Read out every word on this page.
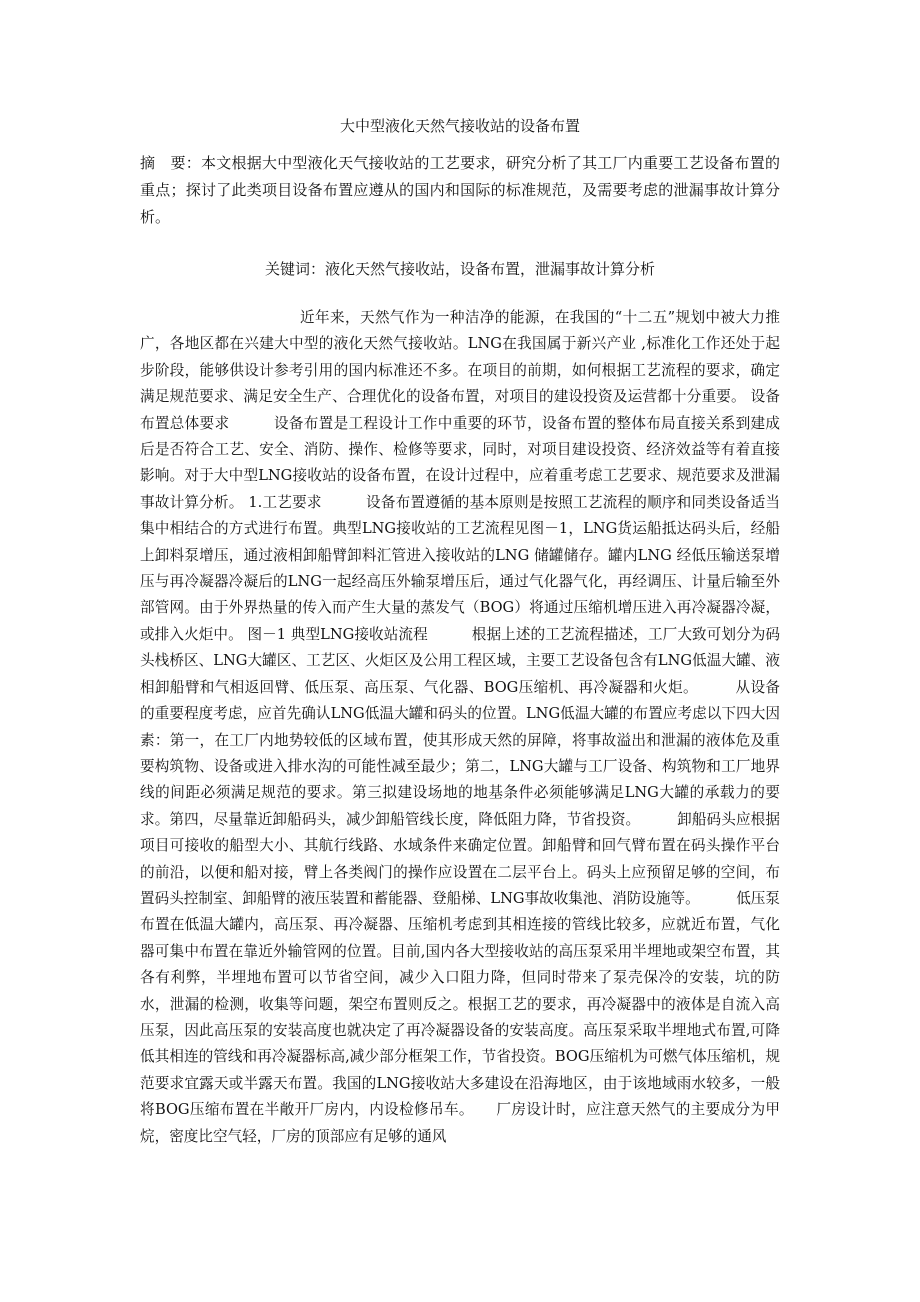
大中型液化天然气接收站的设备布置

摘　要：本文根据大中型液化天气接收站的工艺要求，研究分析了其工厂内重要工艺设备布置的重点；探讨了此类项目设备布置应遵从的国内和国际的标准规范，及需要考虑的泄漏事故计算分析。

关键词：液化天然气接收站，设备布置，泄漏事故计算分析

近年来，天然气作为一种洁净的能源，在我国的“十二五”规划中被大力推广，各地区都在兴建大中型的液化天然气接收站。LNG在我国属于新兴产业 ,标准化工作还处于起步阶段，能够供设计参考引用的国内标准还不多。在项目的前期，如何根据工艺流程的要求，确定满足规范要求、满足安全生产、合理优化的设备布置，对项目的建设投资及运营都十分重要。 设备布置总体要求　　　设备布置是工程设计工作中重要的环节，设备布置的整体布局直接关系到建成后是否符合工艺、安全、消防、操作、检修等要求，同时，对项目建设投资、经济效益等有着直接影响。对于大中型LNG接收站的设备布置，在设计过程中，应着重考虑工艺要求、规范要求及泄漏事故计算分析。 1.工艺要求　　　设备布置遵循的基本原则是按照工艺流程的顺序和同类设备适当集中相结合的方式进行布置。典型LNG接收站的工艺流程见图－1，LNG货运船抵达码头后，经船上卸料泵增压，通过液相卸船臂卸料汇管进入接收站的LNG 储罐储存。罐内LNG 经低压输送泵增压与再冷凝器冷凝后的LNG一起经高压外输泵增压后，通过气化器气化，再经调压、计量后输至外部管网。由于外界热量的传入而产生大量的蒸发气（BOG）将通过压缩机增压进入再冷凝器冷凝，或排入火炬中。 图－1 典型LNG接收站流程　　　根据上述的工艺流程描述，工厂大致可划分为码头栈桥区、LNG大罐区、工艺区、火炬区及公用工程区域，主要工艺设备包含有LNG低温大罐、液相卸船臂和气相返回臂、低压泵、高压泵、气化器、BOG压缩机、再冷凝器和火炬。　　　从设备的重要程度考虑，应首先确认LNG低温大罐和码头的位置。LNG低温大罐的布置应考虑以下四大因素：第一，在工厂内地势较低的区域布置，使其形成天然的屏障，将事故溢出和泄漏的液体危及重要构筑物、设备或进入排水沟的可能性减至最少；第二，LNG大罐与工厂设备、构筑物和工厂地界线的间距必须满足规范的要求。第三拟建设场地的地基条件必须能够满足LNG大罐的承载力的要求。第四，尽量靠近卸船码头，减少卸船管线长度，降低阻力降，节省投资。　　　卸船码头应根据项目可接收的船型大小、其航行线路、水域条件来确定位置。卸船臂和回气臂布置在码头操作平台的前沿，以便和船对接，臂上各类阀门的操作应设置在二层平台上。码头上应预留足够的空间，布置码头控制室、卸船臂的液压装置和蓄能器、登船梯、LNG事故收集池、消防设施等。　　　低压泵布置在低温大罐内，高压泵、再冷凝器、压缩机考虑到其相连接的管线比较多，应就近布置，气化器可集中布置在靠近外输管网的位置。目前,国内各大型接收站的高压泵采用半埋地或架空布置，其各有利弊，半埋地布置可以节省空间，减少入口阻力降，但同时带来了泵壳保冷的安装，坑的防水，泄漏的检测，收集等问题，架空布置则反之。根据工艺的要求，再冷凝器中的液体是自流入高压泵，因此高压泵的安装高度也就决定了再冷凝器设备的安装高度。高压泵采取半埋地式布置,可降低其相连的管线和再冷凝器标高,减少部分框架工作，节省投资。BOG压缩机为可燃气体压缩机，规范要求宜露天或半露天布置。我国的LNG接收站大多建设在沿海地区，由于该地域雨水较多，一般将BOG压缩布置在半敞开厂房内，内设检修吊车。　　厂房设计时，应注意天然气的主要成分为甲烷，密度比空气轻，厂房的顶部应有足够的通风
